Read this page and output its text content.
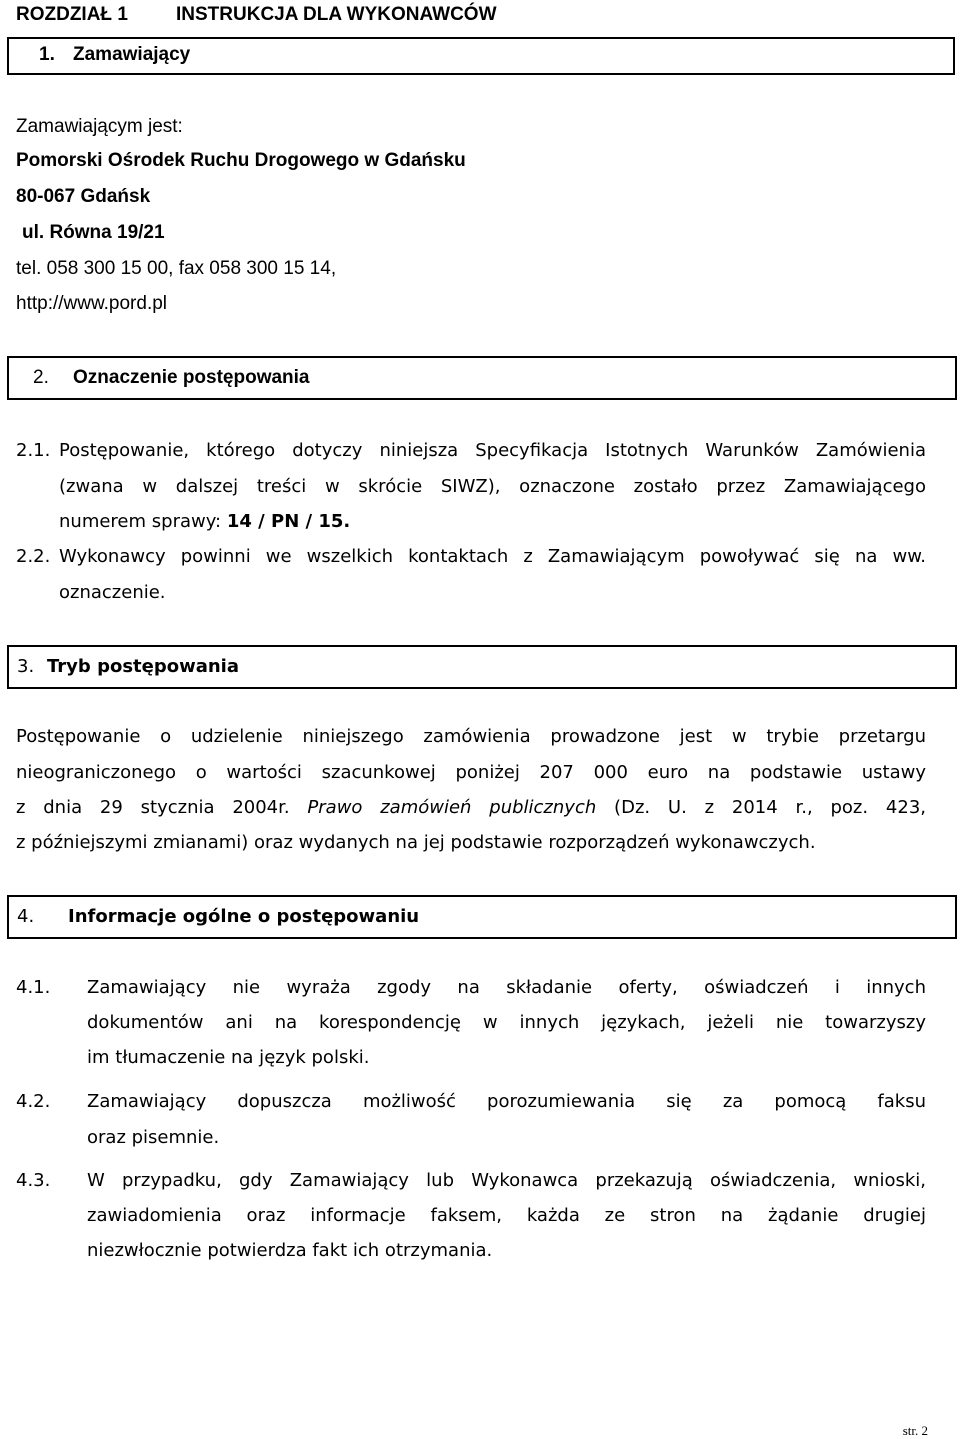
ROZDZIAŁ 1	INSTRUKCJA DLA WYKONAWCÓW
1. Zamawiający
Zamawiającym jest:
Pomorski Ośrodek Ruchu Drogowego w Gdańsku
80-067 Gdańsk
ul. Równa 19/21
tel. 058 300 15 00, fax 058 300 15 14,
http://www.pord.pl
2. Oznaczenie postępowania
2.1. Postępowanie, którego dotyczy niniejsza Specyfikacja Istotnych Warunków Zamówienia
(zwana w dalszej treści w skrócie SIWZ), oznaczone zostało przez Zamawiającego
numerem sprawy: 14 / PN / 15.
2.2. Wykonawcy powinni we wszelkich kontaktach z Zamawiającym powoływać się na ww.
oznaczenie.
3. Tryb postępowania
Postępowanie o udzielenie niniejszego zamówienia prowadzone jest w trybie przetargu
nieograniczonego o wartości szacunkowej poniżej 207 000 euro na podstawie ustawy
z dnia 29 stycznia 2004r. Prawo zamówień publicznych (Dz. U. z 2014 r., poz. 423,
z późniejszymi zmianami) oraz wydanych na jej podstawie rozporządzeń wykonawczych.
4. Informacje ogólne o postępowaniu
4.1. Zamawiający nie wyraża zgody na składanie oferty, oświadczeń i innych
dokumentów ani na korespondencję w innych językach, jeżeli nie towarzyszy
im tłumaczenie na język polski.
4.2. Zamawiający dopuszcza możliwość porozumiewania się za pomocą faksu
oraz pisemnie.
4.3. W przypadku, gdy Zamawiający lub Wykonawca przekazują oświadczenia, wnioski,
zawiadomienia oraz informacje faksem, każda ze stron na żądanie drugiej
niezwłocznie potwierdza fakt ich otrzymania.
str. 2
